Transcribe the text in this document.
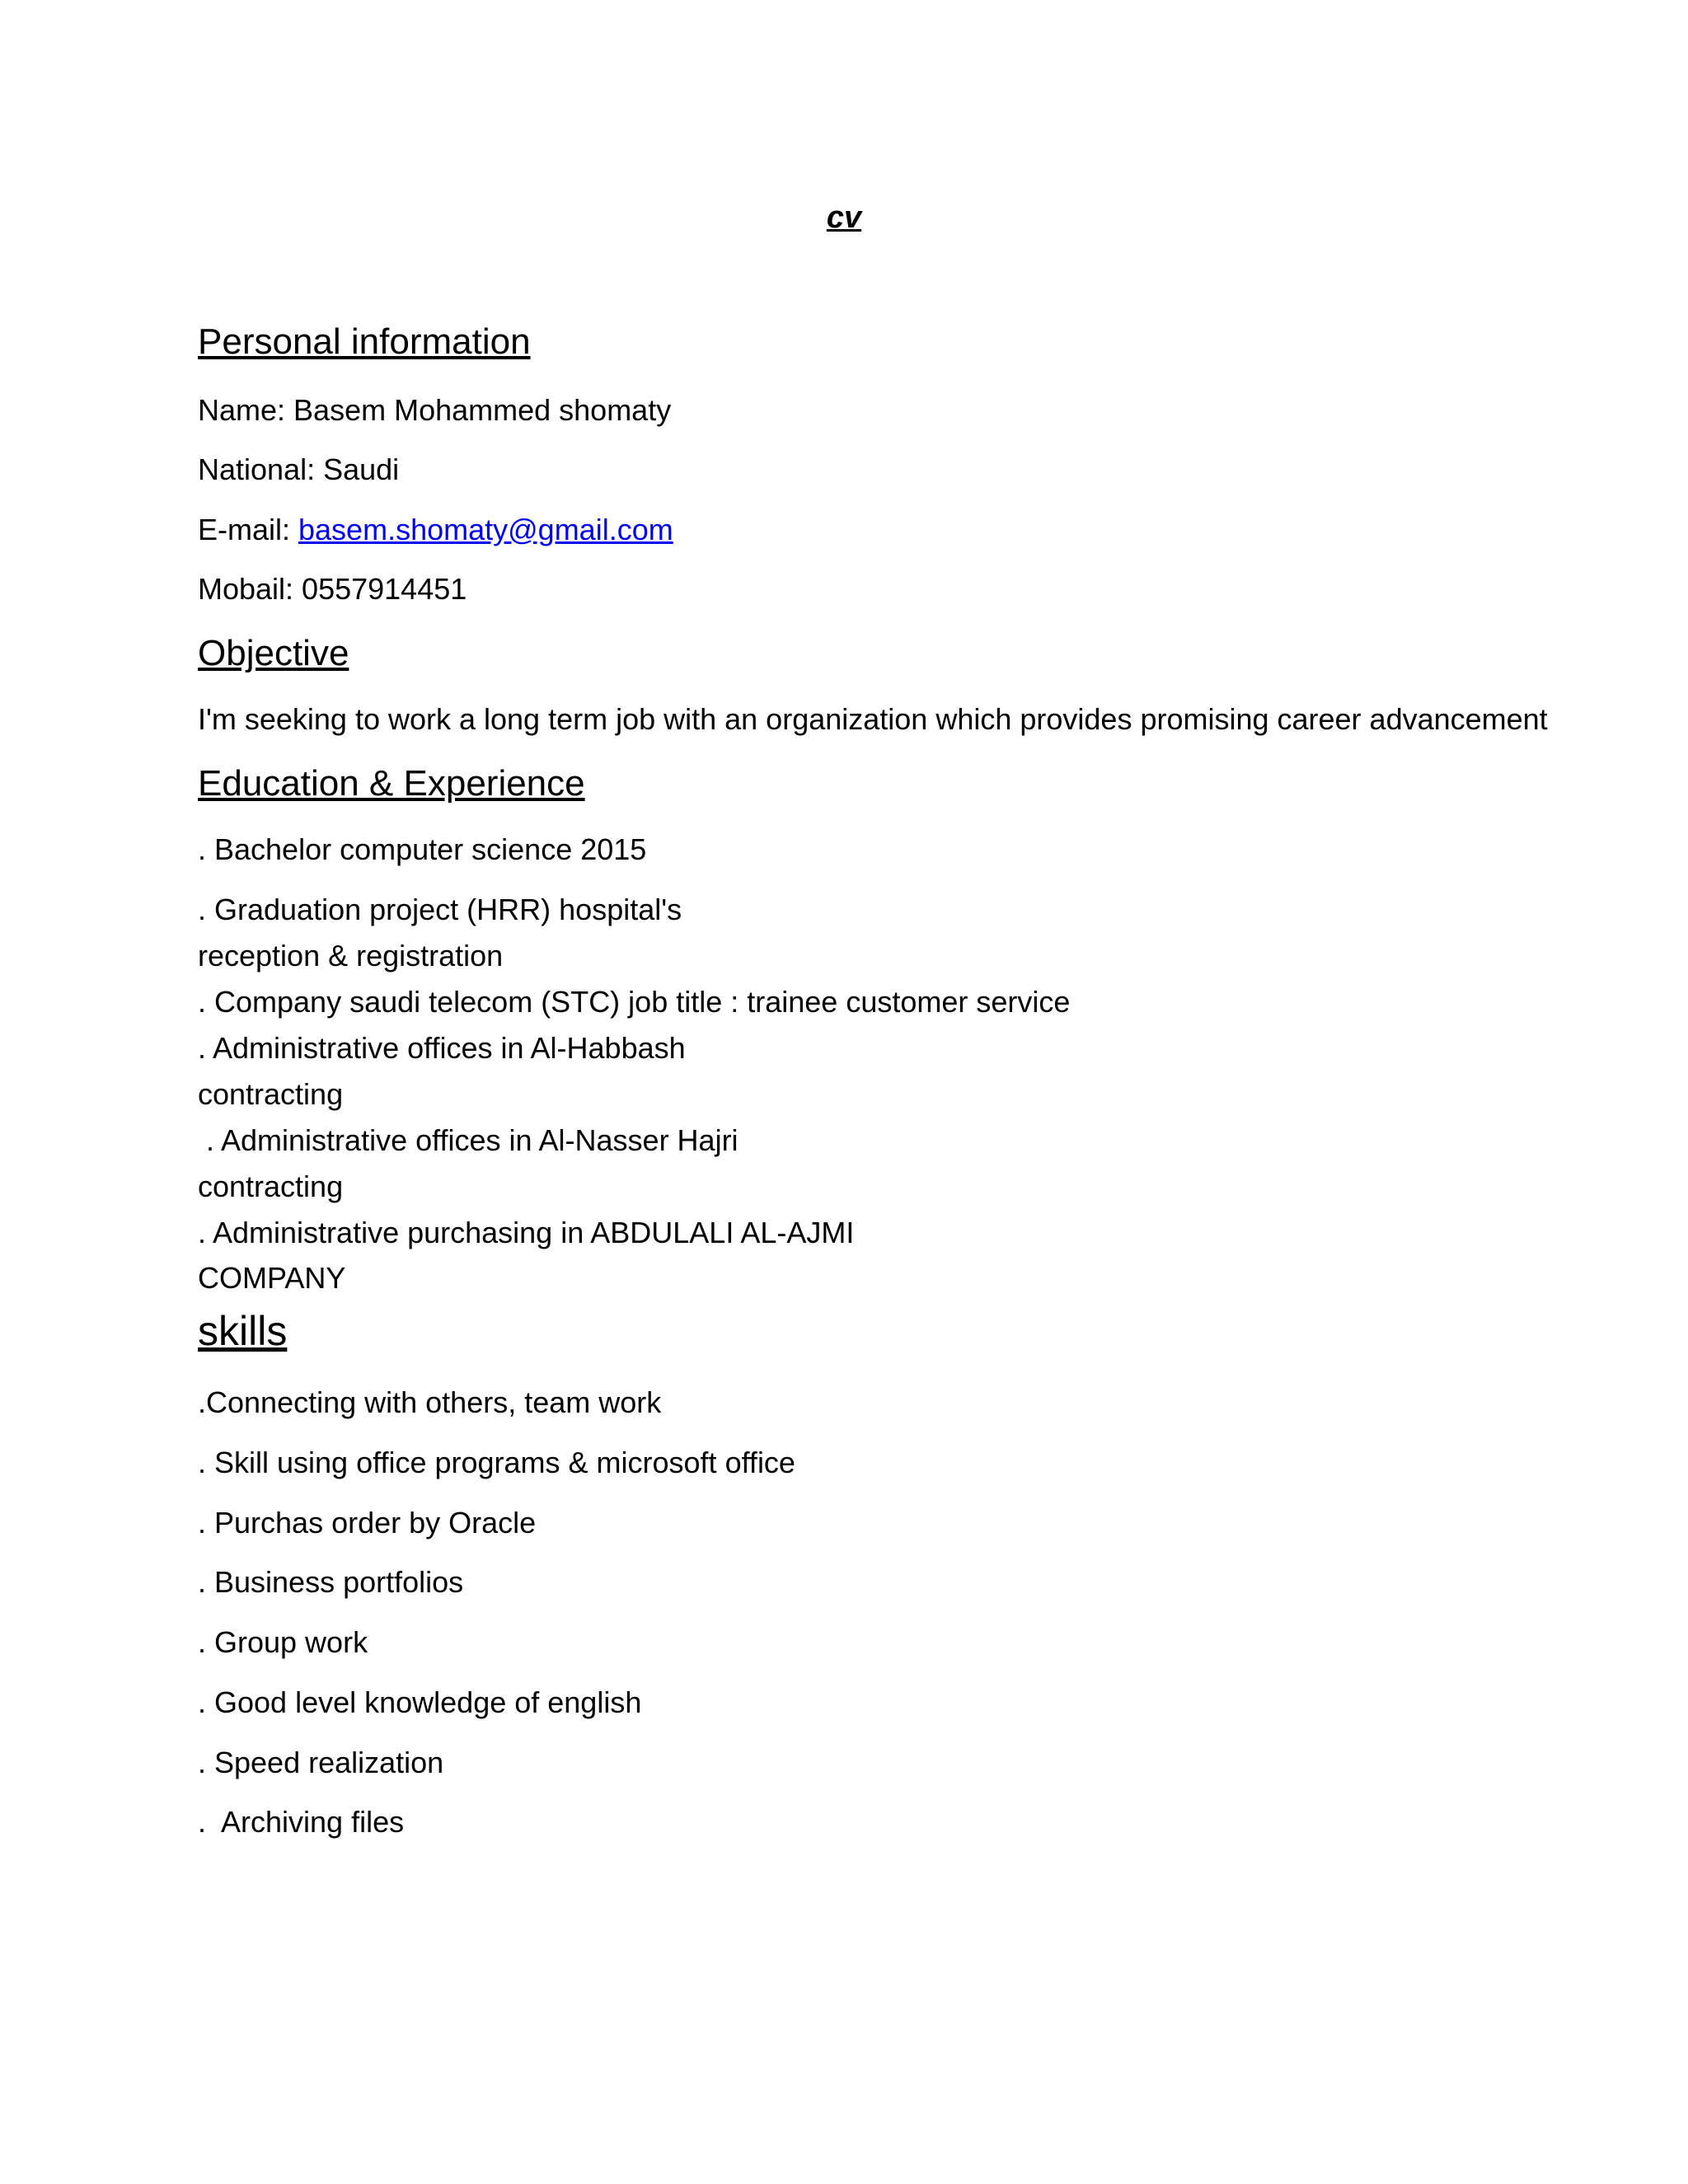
cv
Personal information
Name: Basem Mohammed shomaty
National: Saudi
E-mail: basem.shomaty@gmail.com
Mobail: 0557914451
Objective
I'm seeking to work a long term job with an organization which provides promising career advancement
Education & Experience
. Bachelor computer science 2015
. Graduation project (HRR) hospital's
reception & registration
. Company saudi telecom (STC) job title : trainee customer service
. Administrative offices in Al-Habbash
contracting
. Administrative offices in Al-Nasser Hajri
contracting
. Administrative purchasing in ABDULALI AL-AJMI
COMPANY
skills
.Connecting with others, team work
. Skill using office programs & microsoft office
. Purchas order by Oracle
. Business portfolios
. Group work
. Good level knowledge of english
. Speed realization
.  Archiving files
